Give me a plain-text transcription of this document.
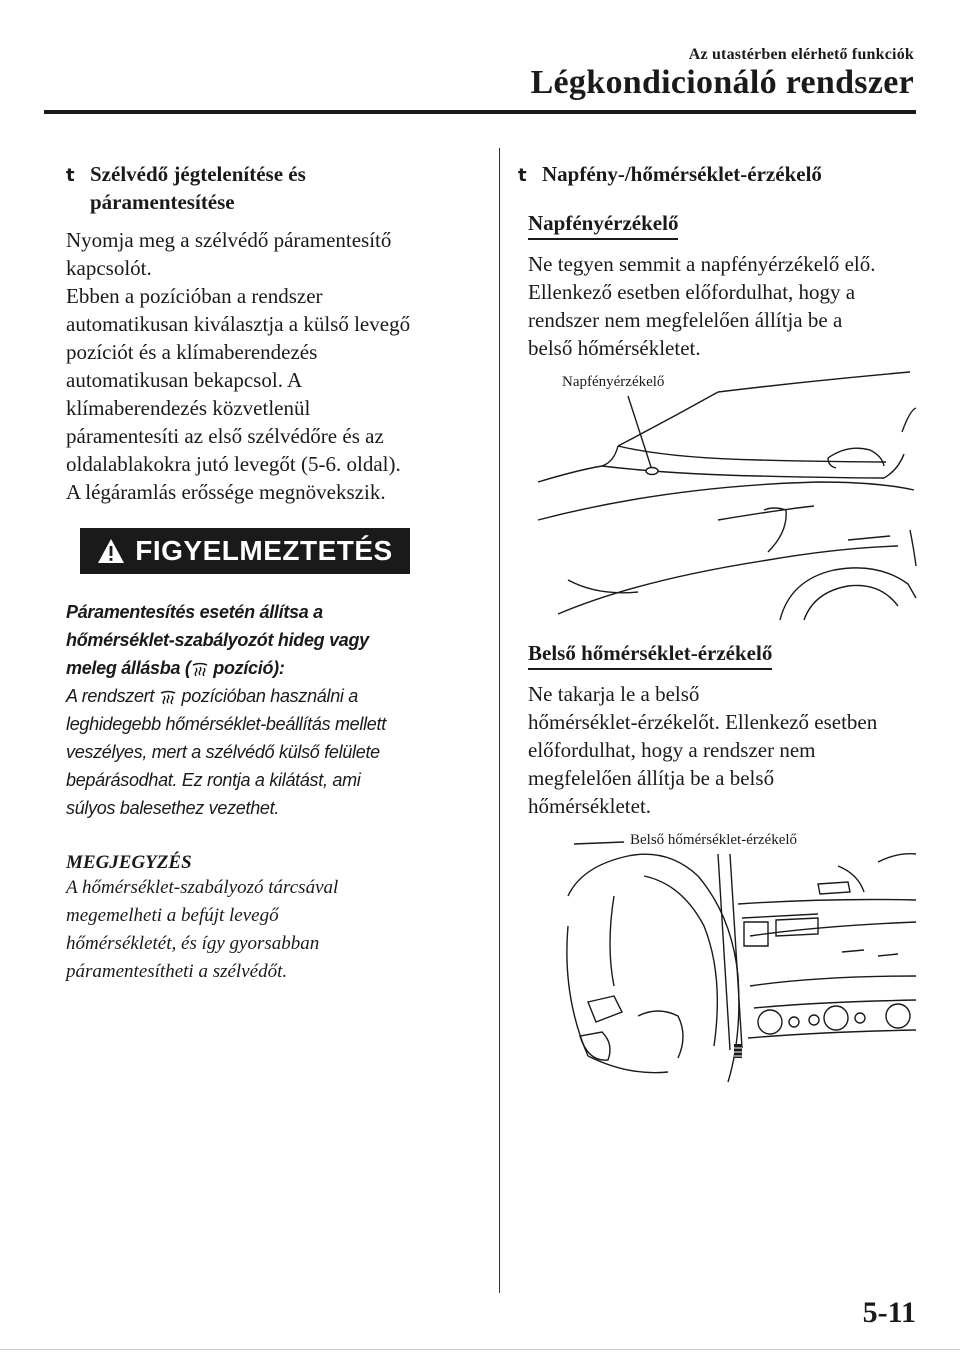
Az utastérben elérhető funkciók
Légkondicionáló rendszer
t Szélvédő jégtelenítése és
páramentesítése

Nyomja meg a szélvédő páramentesítő
kapcsolót.
Ebben a pozícióban a rendszer
automatikusan kiválasztja a külső levegő
pozíciót és a klímaberendezés
automatikusan bekapcsol. A
klímaberendezés közvetlenül
páramentesíti az első szélvédőre és az
oldalablakokra jutó levegőt (5-6. oldal).
A légáramlás erőssége megnövekszik.

FIGYELMEZTETÉS
Páramentesítés esetén állítsa a
hőmérséklet-szabályozót hideg vagy
meleg állásba ( pozíció):
A rendszert  pozícióban használni a
leghidegebb hőmérséklet-beállítás mellett
veszélyes, mert a szélvédő külső felülete
bepárásodhat. Ez rontja a kilátást, ami
súlyos balesethez vezethet.
MEGJEGYZÉS
A hőmérséklet-szabályozó tárcsával
megemelheti a befújt levegő
hőmérsékletét, és így gyorsabban
páramentesítheti a szélvédőt.
t Napfény-/hőmérséklet-érzékelő
Napfényérzékelő

Ne tegyen semmit a napfényérzékelő elő.
Ellenkező esetben előfordulhat, hogy a
rendszer nem megfelelően állítja be a
belső hőmérsékletet.

Napfényérzékelő
Belső hőmérséklet-érzékelő

Ne takarja le a belső
hőmérséklet-érzékelőt. Ellenkező esetben
előfordulhat, hogy a rendszer nem
megfelelően állítja be a belső
hőmérsékletet.

Belső hőmérséklet-érzékelő
5-11
